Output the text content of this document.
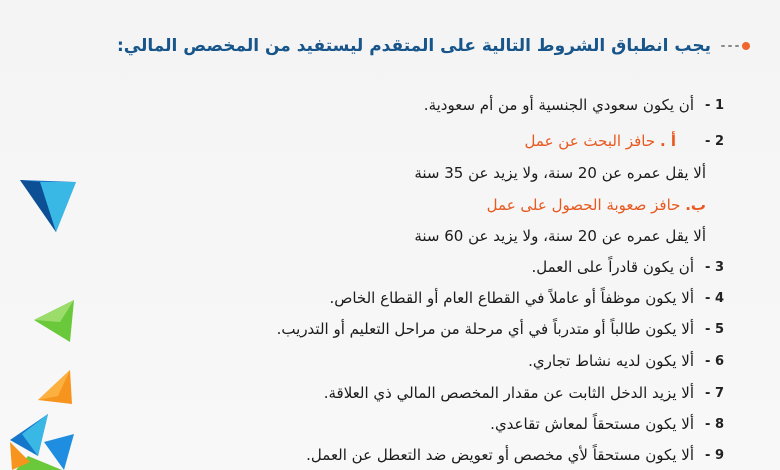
يجب انطباق الشروط التالية على المتقدم ليستفيد من المخصص المالي:
1 -
أن يكون سعودي الجنسية أو من أم سعودية.
2 -
أ . حافز البحث عن عمل
ألا يقل عمره عن 20 سنة، ولا يزيد عن 35 سنة
ب. حافز صعوبة الحصول على عمل
ألا يقل عمره عن 20 سنة، ولا يزيد عن 60 سنة
3 -
أن يكون قادراً على العمل.
4 -
ألا يكون موظفاً أو عاملاً في القطاع العام أو القطاع الخاص.
5 -
ألا يكون طالباً أو متدرباً في أي مرحلة من مراحل التعليم أو التدريب.
6 -
ألا يكون لديه نشاط تجاري.
7 -
ألا يزيد الدخل الثابت عن مقدار المخصص المالي ذي العلاقة.
8 -
ألا يكون مستحقاً لمعاش تقاعدي.
9 -
ألا يكون مستحقاً لأي مخصص أو تعويض ضد التعطل عن العمل.
